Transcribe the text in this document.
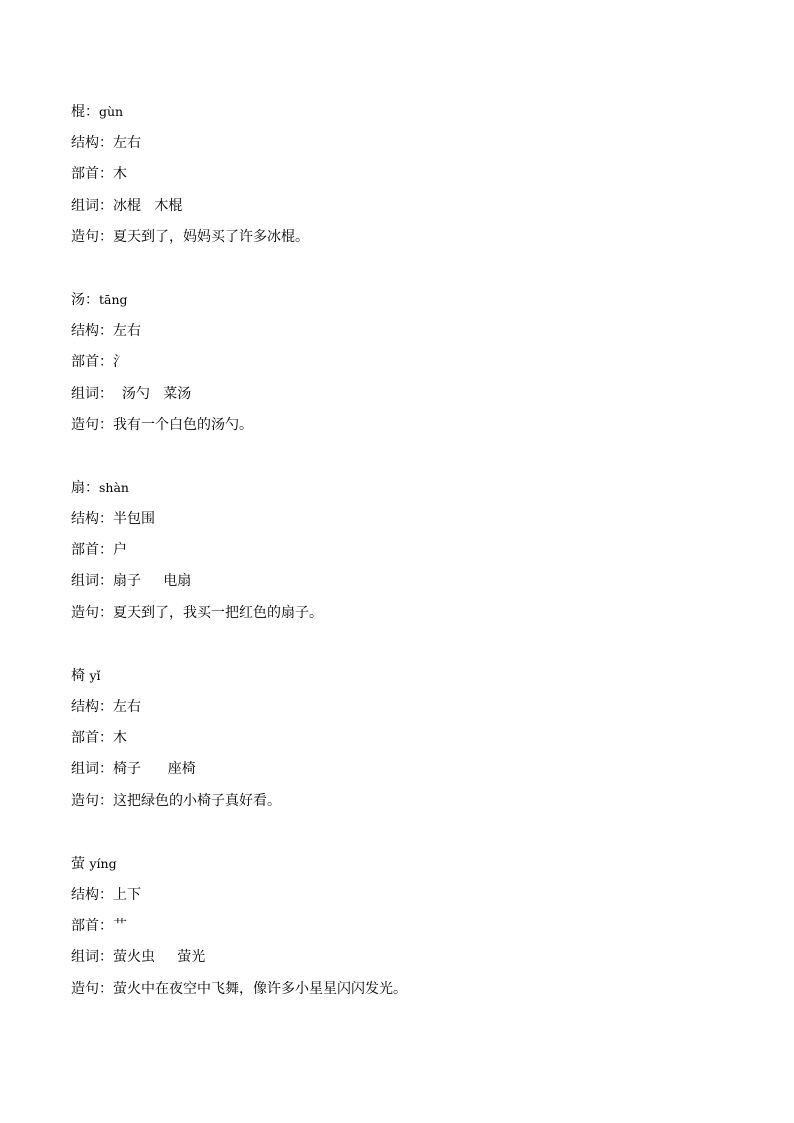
棍：gùn
结构：左右
部首：木
组词：冰棍   木棍
造句：夏天到了，妈妈买了许多冰棍。
汤：tāng
结构：左右
部首：氵
组词：  汤勺   菜汤
造句：我有一个白色的汤勺。
扇：shàn
结构：半包围
部首：户
组词：扇子     电扇
造句：夏天到了，我买一把红色的扇子。
椅 yǐ
结构：左右
部首：木
组词：椅子      座椅
造句：这把绿色的小椅子真好看。
萤 yíng
结构：上下
部首：艹
组词：萤火虫     萤光
造句：萤火中在夜空中飞舞，像许多小星星闪闪发光。
